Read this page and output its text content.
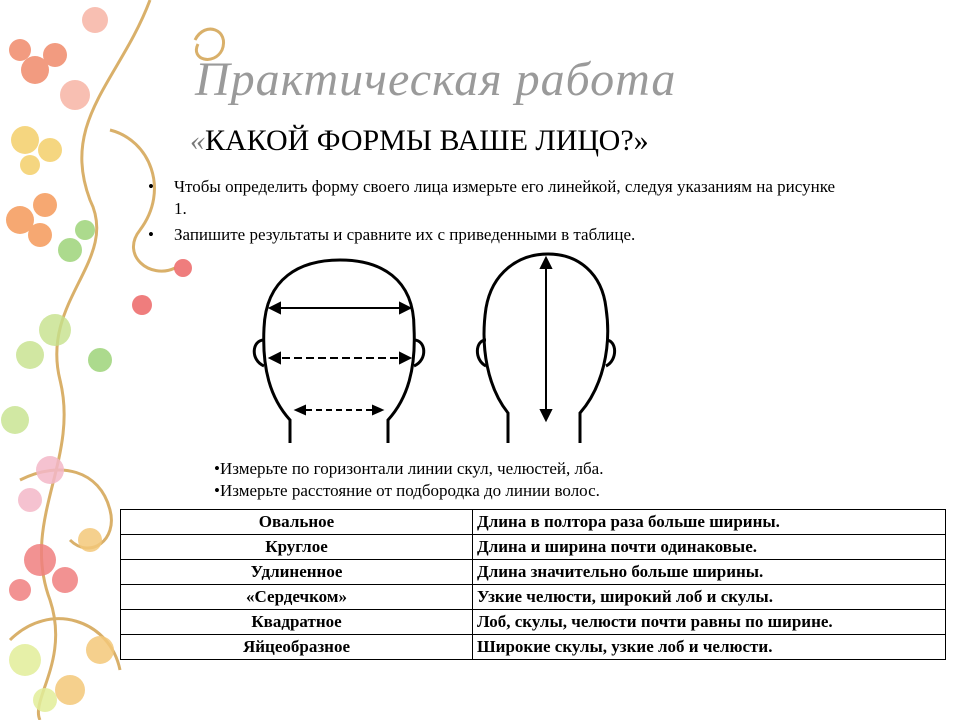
Практическая работа
«КАКОЙ ФОРМЫ ВАШЕ ЛИЦО?»
• Чтобы определить форму своего лица измерьте его линейкой, следуя указаниям на рисунке 1.
• Запишите результаты и сравните их с приведенными в таблице.
•Измерьте по горизонтали линии скул, челюстей, лба.
•Измерьте расстояние от подбородка до линии волос.
Овальное	Длина в полтора раза больше ширины.
Круглое	Длина и ширина почти одинаковые.
Удлиненное	Длина значительно больше ширины.
«Сердечком»	Узкие челюсти, широкий лоб и скулы.
Квадратное	Лоб, скулы, челюсти почти равны по ширине.
Яйцеобразное	Широкие скулы, узкие лоб и челюсти.
